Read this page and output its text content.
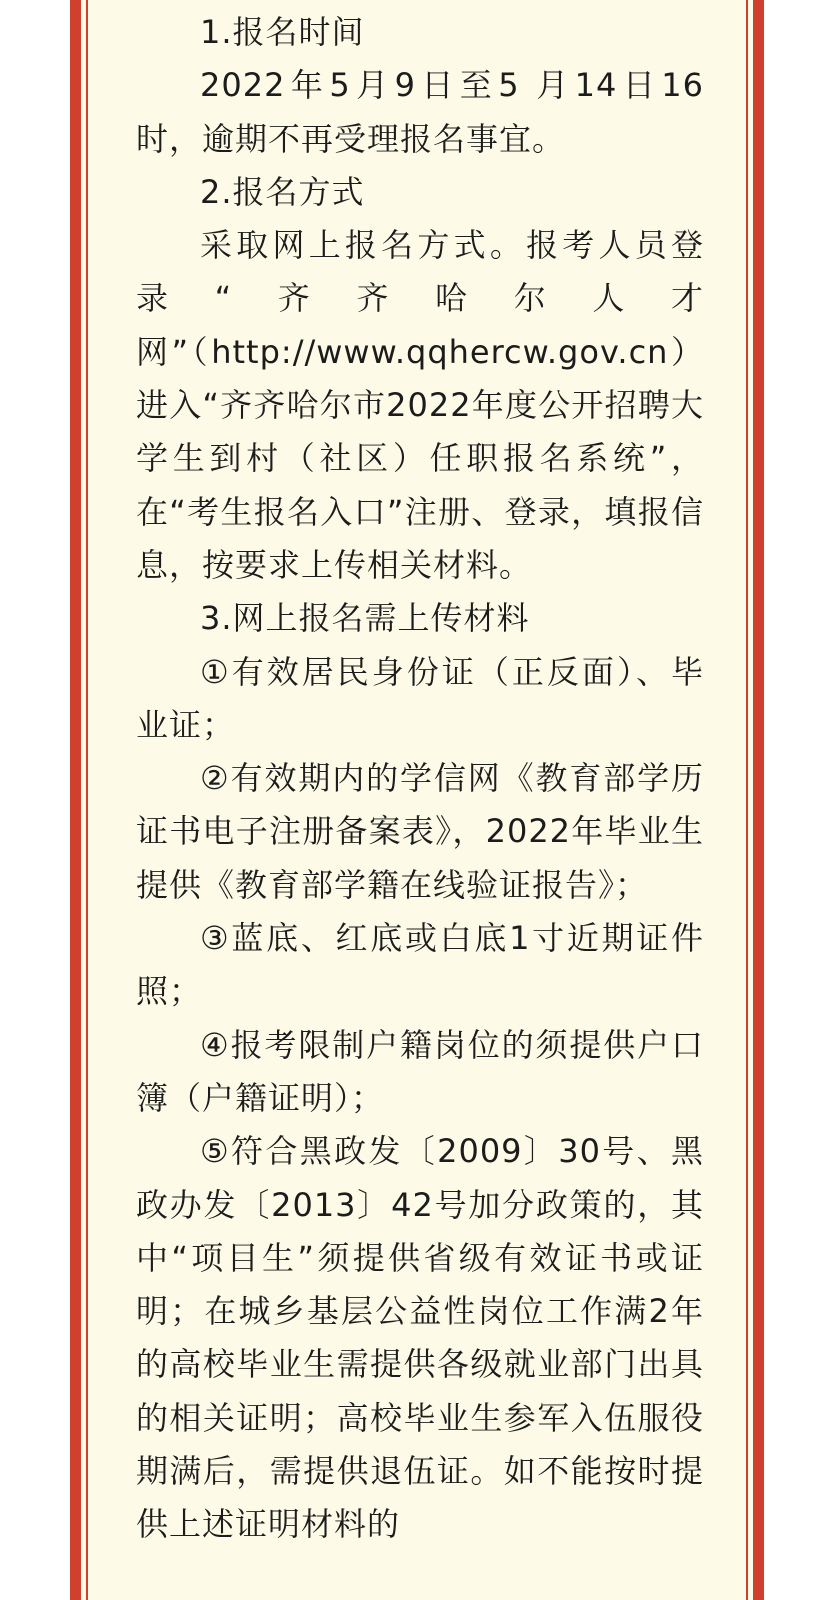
1.报名时间

2022年5月9日至5 月14日16时，逾期不再受理报名事宜。

2.报名方式

采取网上报名方式。报考人员登录“齐齐哈尔人才网”（http://www.qqhercw.gov.cn）进入“齐齐哈尔市2022年度公开招聘大学生到村（社区）任职报名系统”，在“考生报名入口”注册、登录，填报信息，按要求上传相关材料。

3.网上报名需上传材料

①有效居民身份证（正反面）、毕业证；

②有效期内的学信网《教育部学历证书电子注册备案表》，2022年毕业生提供《教育部学籍在线验证报告》；

③蓝底、红底或白底1寸近期证件照；

④报考限制户籍岗位的须提供户口簿（户籍证明）；

⑤符合黑政发〔2009〕30号、黑政办发〔2013〕42号加分政策的，其中“项目生”须提供省级有效证书或证明；在城乡基层公益性岗位工作满2年的高校毕业生需提供各级就业部门出具的相关证明；高校毕业生参军入伍服役期满后，需提供退伍证。如不能按时提供上述证明材料的
